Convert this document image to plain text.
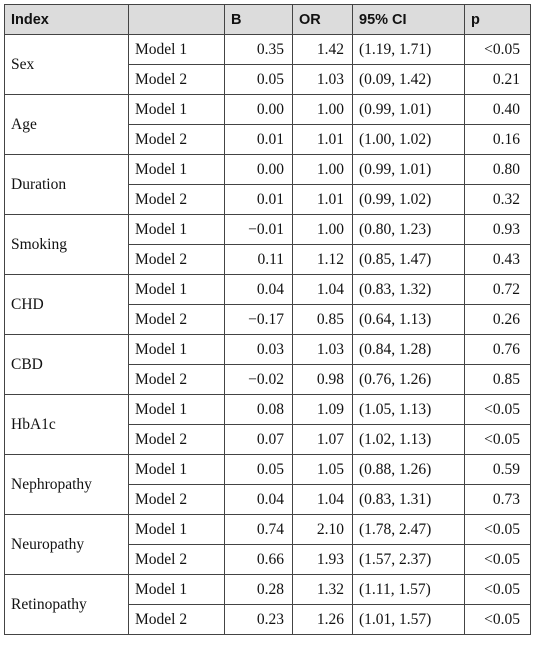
Index		B	OR	95% CI	p
Sex	Model 1	0.35	1.42	(1.19, 1.71)	<0.05
	Model 2	0.05	1.03	(0.09, 1.42)	0.21
Age	Model 1	0.00	1.00	(0.99, 1.01)	0.40
	Model 2	0.01	1.01	(1.00, 1.02)	0.16
Duration	Model 1	0.00	1.00	(0.99, 1.01)	0.80
	Model 2	0.01	1.01	(0.99, 1.02)	0.32
Smoking	Model 1	−0.01	1.00	(0.80, 1.23)	0.93
	Model 2	0.11	1.12	(0.85, 1.47)	0.43
CHD	Model 1	0.04	1.04	(0.83, 1.32)	0.72
	Model 2	−0.17	0.85	(0.64, 1.13)	0.26
CBD	Model 1	0.03	1.03	(0.84, 1.28)	0.76
	Model 2	−0.02	0.98	(0.76, 1.26)	0.85
HbA1c	Model 1	0.08	1.09	(1.05, 1.13)	<0.05
	Model 2	0.07	1.07	(1.02, 1.13)	<0.05
Nephropathy	Model 1	0.05	1.05	(0.88, 1.26)	0.59
	Model 2	0.04	1.04	(0.83, 1.31)	0.73
Neuropathy	Model 1	0.74	2.10	(1.78, 2.47)	<0.05
	Model 2	0.66	1.93	(1.57, 2.37)	<0.05
Retinopathy	Model 1	0.28	1.32	(1.11, 1.57)	<0.05
	Model 2	0.23	1.26	(1.01, 1.57)	<0.05
